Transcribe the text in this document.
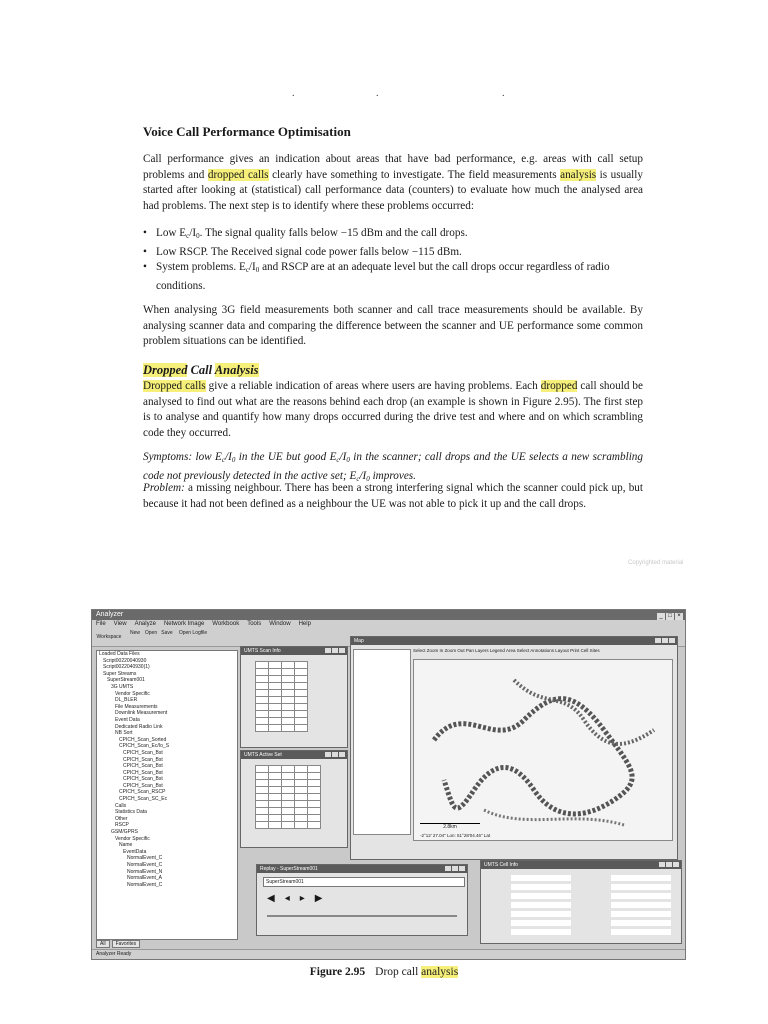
.	.	.
Voice Call Performance Optimisation

Call performance gives an indication about areas that have bad performance, e.g. areas with call setup problems and dropped calls clearly have something to investigate. The field measurements analysis is usually started after looking at (statistical) call performance data (counters) to evaluate how much the analysed area had problems. The next step is to identify where these problems occurred:

• Low $E_c/I_0$. The signal quality falls below −15 dBm and the call drops.
• Low RSCP. The Received signal code power falls below −115 dBm.
• System problems. $E_c/I_0$ and RSCP are at an adequate level but the call drops occur regardless of radio conditions.

When analysing 3G field measurements both scanner and call trace measurements should be available. By analysing scanner data and comparing the difference between the scanner and UE performance some common problem situations can be identified.

Dropped Call Analysis

Dropped calls give a reliable indication of areas where users are having problems. Each dropped call should be analysed to find out what are the reasons behind each drop (an example is shown in Figure 2.95). The first step is to analyse and quantify how many drops occurred during the drive test and where and on which scrambling code they occurred.

Symptoms: low $E_c/I_0$ in the UE but good $E_c/I_0$ in the scanner; call drops and the UE selects a new scrambling code not previously detected in the active set; $E_c/I_0$ improves.

Problem: a missing neighbour. There has been a strong interfering signal which the scanner could pick up, but because it had not been defined as a neighbour the UE was not able to pick it up and the call drops.

Copyrighted material
Analyzer	_ □ ×
File View Analyze Network Image Workbook Tools Window Help
Workspace
New Open Save Open Logfile
Loaded Data Files
Script00220040930
Script0022040930(1)
Super Streams
SuperStream001
3G UMTS
Vendor Specific
DL_BLER
File Measurements
Downlink Measurement
Event Data
Dedicated Radio Link
NB Sort
CPICH_Scan_Sorted
CPICH_Scan_Ec/Io_S
CPICH_Scan_Bst
CPICH_Scan_Bst
CPICH_Scan_Bst
CPICH_Scan_Bst
CPICH_Scan_Bst
CPICH_Scan_Bst
CPICH_Scan_RSCP
CPICH_Scan_SC_Ec
Calls
Statistics Data
Other
RSCP
GSM/GPRS
Vendor Specific
Name
EventData
NormalEvent_C
NormalEvent_C
NormalEvent_N
NormalEvent_A
NormalEvent_C
All Favorites
UMTS Scan Info

UMTS Active Set

Map
Select Zoom In Zoom Out Pan Layers Legend Area Select Annotations Layout Print Cell Sites
2.8km
-2°12' 27.04" Lon: 51°28'04.46" Lat
Replay - SuperStream001
SuperStream001
◀◂▸▶
UMTS Cell Info
Analyzer Ready
Figure 2.95 Drop call analysis
